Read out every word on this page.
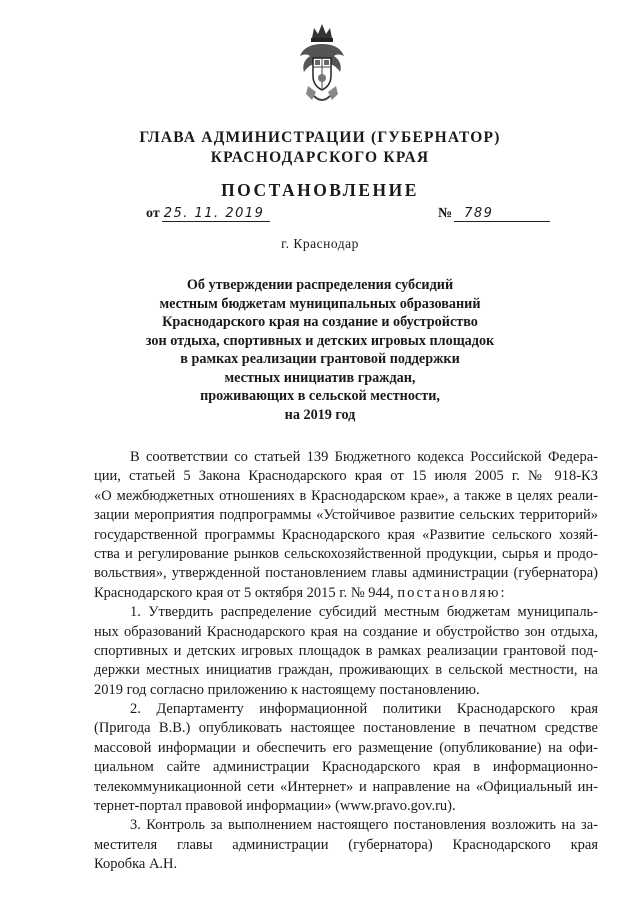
ГЛАВА АДМИНИСТРАЦИИ (ГУБЕРНАТОР)
КРАСНОДАРСКОГО КРАЯ
ПОСТАНОВЛЕНИЕ
от 25. 11. 2019	№ 789
г. Краснодар
Об утверждении распределения субсидий
местным бюджетам муниципальных образований
Краснодарского края на создание и обустройство
зон отдыха, спортивных и детских игровых площадок
в рамках реализации грантовой поддержки
местных инициатив граждан,
проживающих в сельской местности,
на 2019 год
В соответствии со статьей 139 Бюджетного кодекса Российской Федера-
ции, статьей 5 Закона Краснодарского края от 15 июля 2005 г. № 918-КЗ
«О межбюджетных отношениях в Краснодарском крае», а также в целях реали-
зации мероприятия подпрограммы «Устойчивое развитие сельских территорий»
государственной программы Краснодарского края «Развитие сельского хозяй-
ства и регулирование рынков сельскохозяйственной продукции, сырья и продо-
вольствия», утвержденной постановлением главы администрации (губернатора)
Краснодарского края от 5 октября 2015 г. № 944, постановляю:
1. Утвердить распределение субсидий местным бюджетам муниципаль-
ных образований Краснодарского края на создание и обустройство зон отдыха,
спортивных и детских игровых площадок в рамках реализации грантовой под-
держки местных инициатив граждан, проживающих в сельской местности, на
2019 год согласно приложению к настоящему постановлению.
2. Департаменту информационной политики Краснодарского края
(Пригода В.В.) опубликовать настоящее постановление в печатном средстве
массовой информации и обеспечить его размещение (опубликование) на офи-
циальном сайте администрации Краснодарского края в информационно-
телекоммуникационной сети «Интернет» и направление на «Официальный ин-
тернет-портал правовой информации» (www.pravo.gov.ru).
3. Контроль за выполнением настоящего постановления возложить на за-
местителя главы администрации (губернатора) Краснодарского края
Коробка А.Н.
